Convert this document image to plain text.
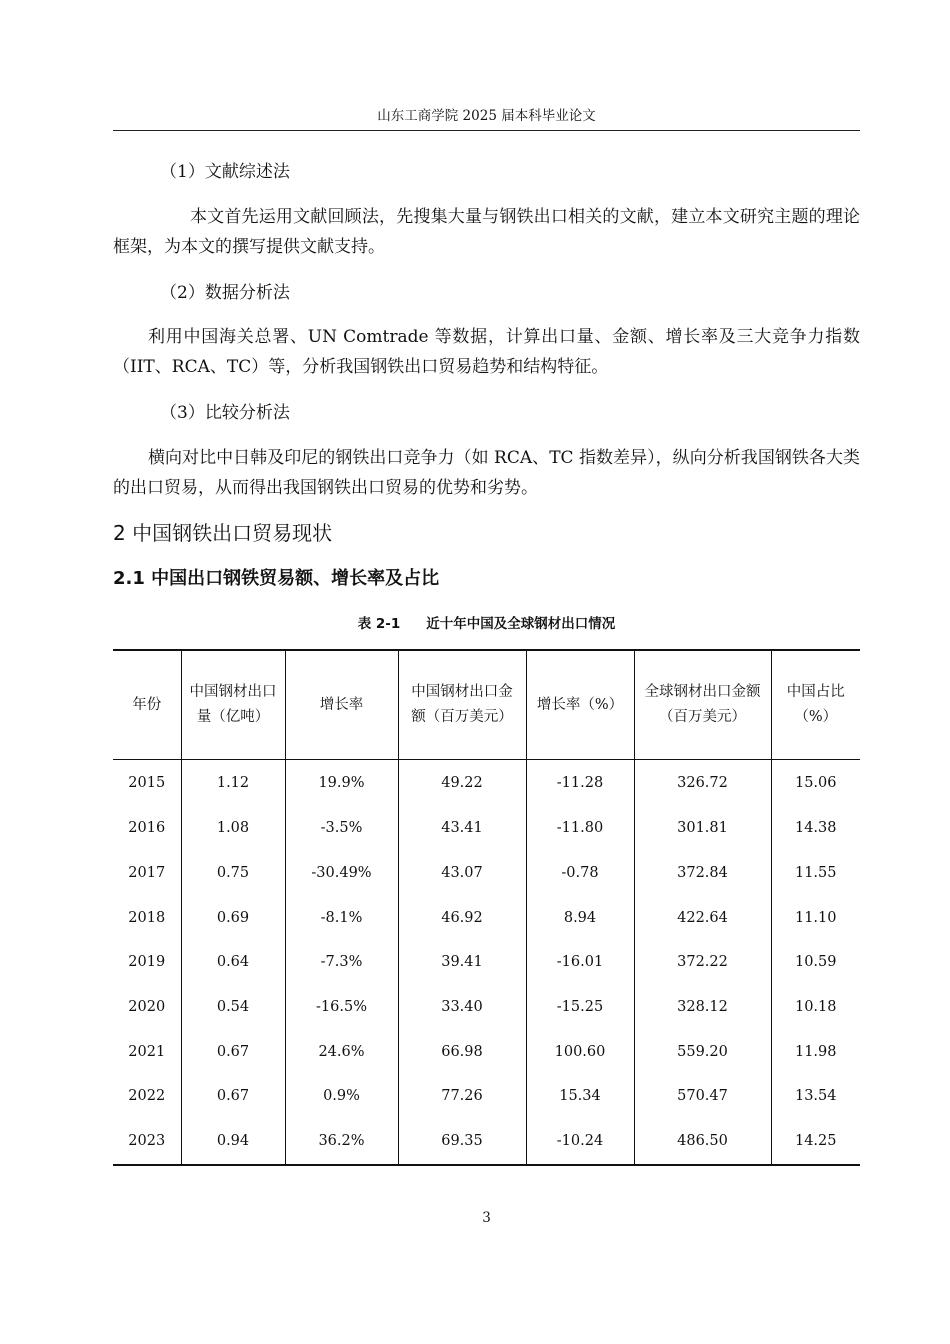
山东工商学院 2025 届本科毕业论文

（1）文献综述法

本文首先运用文献回顾法，先搜集大量与钢铁出口相关的文献，建立本文研究主题的理论框架，为本文的撰写提供文献支持。

（2）数据分析法

利用中国海关总署、UN Comtrade 等数据，计算出口量、金额、增长率及三大竞争力指数（IIT、RCA、TC）等，分析我国钢铁出口贸易趋势和结构特征。

（3）比较分析法

横向对比中日韩及印尼的钢铁出口竞争力（如 RCA、TC 指数差异），纵向分析我国钢铁各大类的出口贸易，从而得出我国钢铁出口贸易的优势和劣势。

2 中国钢铁出口贸易现状
2.1 中国出口钢铁贸易额、增长率及占比
表 2-1 近十年中国及全球钢材出口情况
年份	中国钢材出口量（亿吨）	增长率	中国钢材出口金额（百万美元）	增长率（%）	全球钢材出口金额（百万美元）	中国占比（%）
2015	1.12	19.9%	49.22	-11.28	326.72	15.06
2016	1.08	-3.5%	43.41	-11.80	301.81	14.38
2017	0.75	-30.49%	43.07	-0.78	372.84	11.55
2018	0.69	-8.1%	46.92	8.94	422.64	11.10
2019	0.64	-7.3%	39.41	-16.01	372.22	10.59
2020	0.54	-16.5%	33.40	-15.25	328.12	10.18
2021	0.67	24.6%	66.98	100.60	559.20	11.98
2022	0.67	0.9%	77.26	15.34	570.47	13.54
2023	0.94	36.2%	69.35	-10.24	486.50	14.25
3
